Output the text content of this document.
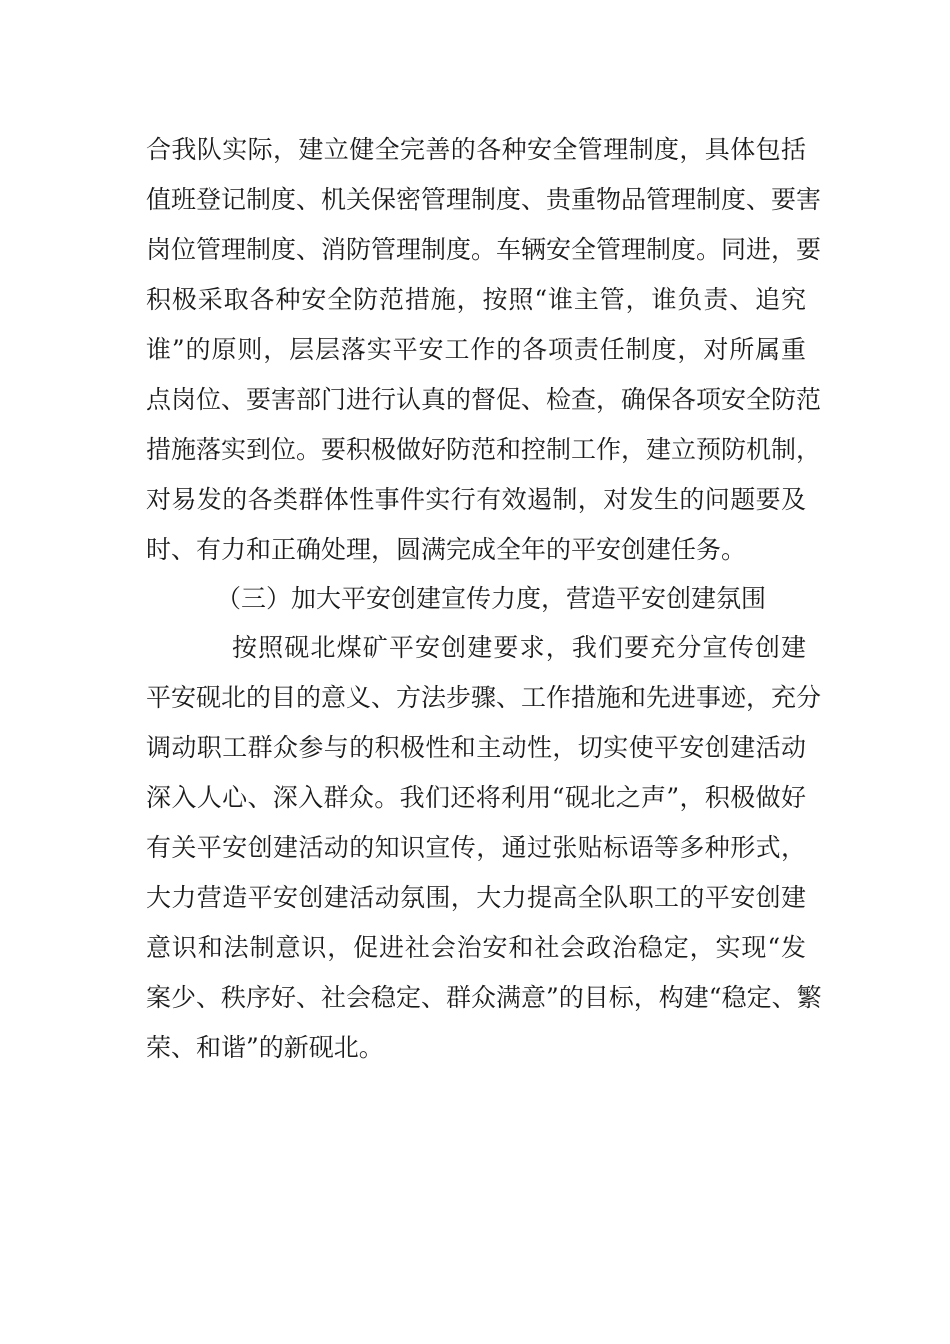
合我队实际，建立健全完善的各种安全管理制度，具体包括
值班登记制度、机关保密管理制度、贵重物品管理制度、要害
岗位管理制度、消防管理制度。车辆安全管理制度。同进，要
积极采取各种安全防范措施，按照“谁主管，谁负责、追究
谁”的原则，层层落实平安工作的各项责任制度，对所属重
点岗位、要害部门进行认真的督促、检查，确保各项安全防范
措施落实到位。要积极做好防范和控制工作，建立预防机制，
对易发的各类群体性事件实行有效遏制，对发生的问题要及
时、有力和正确处理，圆满完成全年的平安创建任务。
（三）加大平安创建宣传力度，营造平安创建氛围
按照砚北煤矿平安创建要求，我们要充分宣传创建
平安砚北的目的意义、方法步骤、工作措施和先进事迹，充分
调动职工群众参与的积极性和主动性，切实使平安创建活动
深入人心、深入群众。我们还将利用“砚北之声”，积极做好
有关平安创建活动的知识宣传，通过张贴标语等多种形式，
大力营造平安创建活动氛围，大力提高全队职工的平安创建
意识和法制意识，促进社会治安和社会政治稳定，实现“发
案少、秩序好、社会稳定、群众满意”的目标，构建“稳定、繁
荣、和谐”的新砚北。
